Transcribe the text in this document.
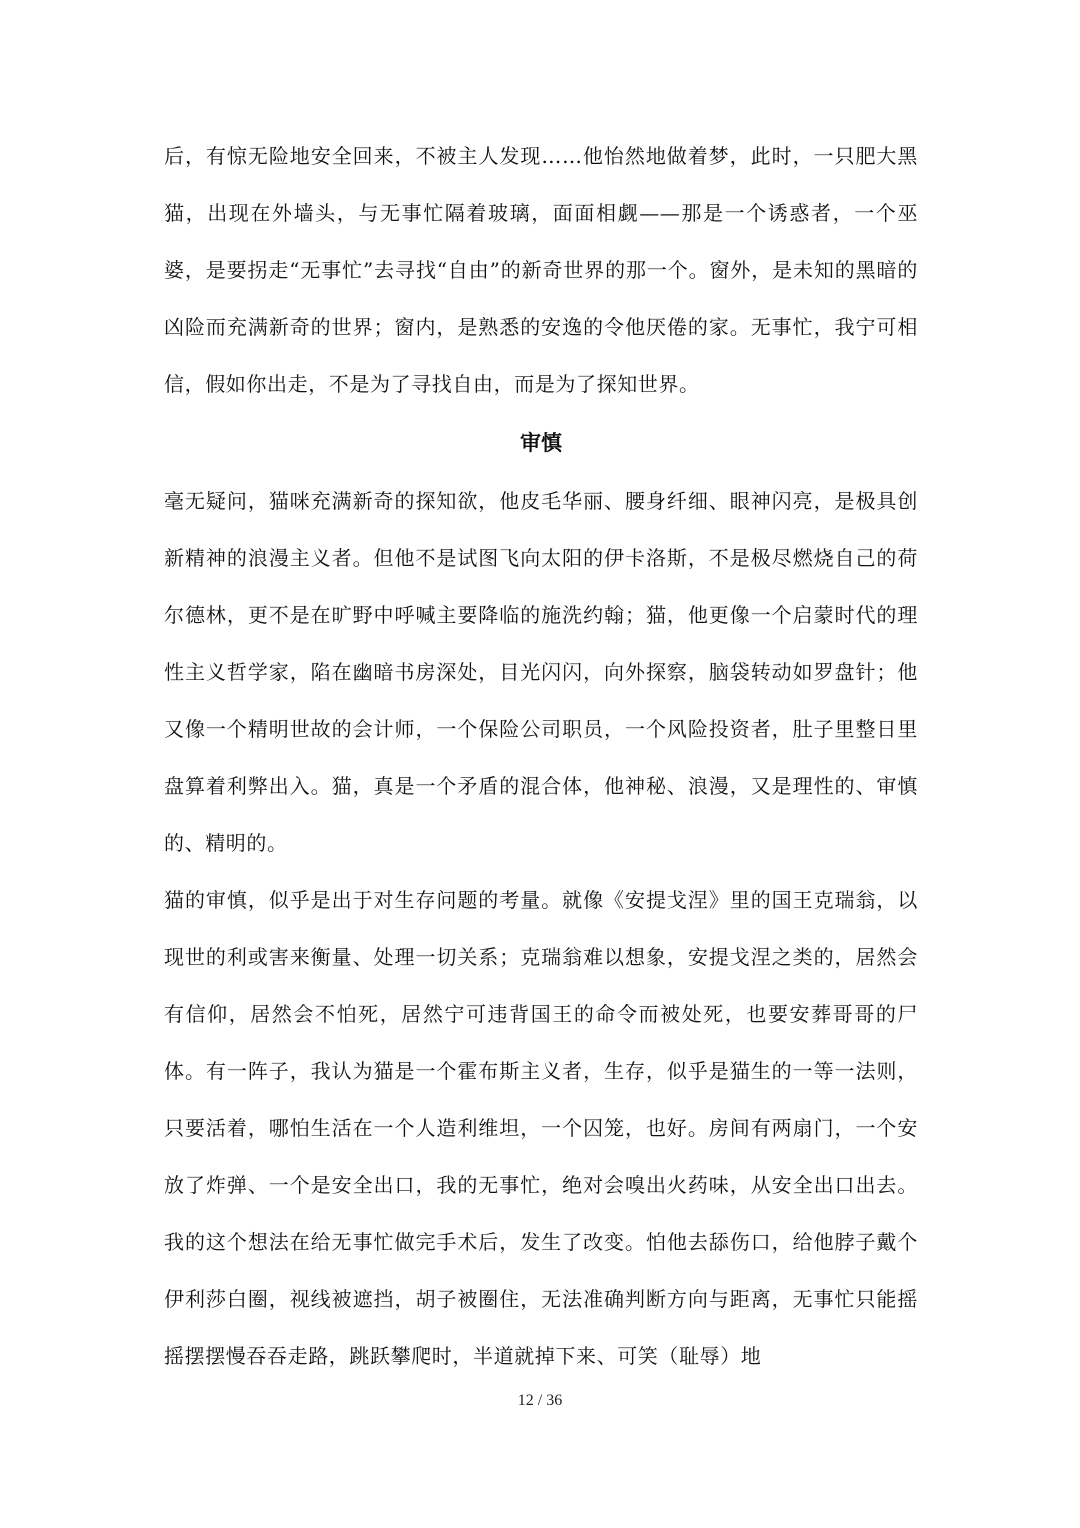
后，有惊无险地安全回来，不被主人发现……他怡然地做着梦，此时，一只肥大黑猫，出现在外墙头，与无事忙隔着玻璃，面面相觑——那是一个诱惑者，一个巫婆，是要拐走“无事忙”去寻找“自由”的新奇世界的那一个。窗外，是未知的黑暗的凶险而充满新奇的世界；窗内，是熟悉的安逸的令他厌倦的家。无事忙，我宁可相信，假如你出走，不是为了寻找自由，而是为了探知世界。

审慎

毫无疑问，猫咪充满新奇的探知欲，他皮毛华丽、腰身纤细、眼神闪亮，是极具创新精神的浪漫主义者。但他不是试图飞向太阳的伊卡洛斯，不是极尽燃烧自己的荷尔德林，更不是在旷野中呼喊主要降临的施洗约翰；猫，他更像一个启蒙时代的理性主义哲学家，陷在幽暗书房深处，目光闪闪，向外探察，脑袋转动如罗盘针；他又像一个精明世故的会计师，一个保险公司职员，一个风险投资者，肚子里整日里盘算着利弊出入。猫，真是一个矛盾的混合体，他神秘、浪漫，又是理性的、审慎的、精明的。

猫的审慎，似乎是出于对生存问题的考量。就像《安提戈涅》里的国王克瑞翁，以现世的利或害来衡量、处理一切关系；克瑞翁难以想象，安提戈涅之类的，居然会有信仰，居然会不怕死，居然宁可违背国王的命令而被处死，也要安葬哥哥的尸体。有一阵子，我认为猫是一个霍布斯主义者，生存，似乎是猫生的一等一法则，只要活着，哪怕生活在一个人造利维坦，一个囚笼，也好。房间有两扇门，一个安放了炸弹、一个是安全出口，我的无事忙，绝对会嗅出火药味，从安全出口出去。我的这个想法在给无事忙做完手术后，发生了改变。怕他去舔伤口，给他脖子戴个伊利莎白圈，视线被遮挡，胡子被圈住，无法准确判断方向与距离，无事忙只能摇摇摆摆慢吞吞走路，跳跃攀爬时，半道就掉下来、可笑（耻辱）地

12 / 36
